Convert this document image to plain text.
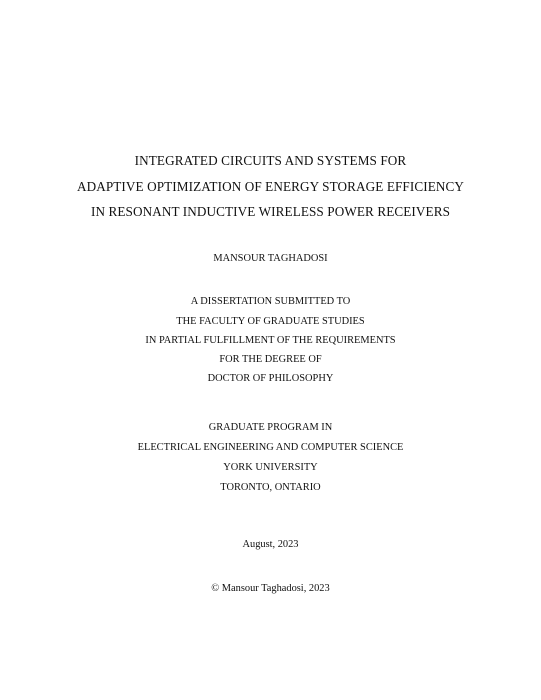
INTEGRATED CIRCUITS AND SYSTEMS FOR
ADAPTIVE OPTIMIZATION OF ENERGY STORAGE EFFICIENCY
IN RESONANT INDUCTIVE WIRELESS POWER RECEIVERS
MANSOUR TAGHADOSI
A DISSERTATION SUBMITTED TO
THE FACULTY OF GRADUATE STUDIES
IN PARTIAL FULFILLMENT OF THE REQUIREMENTS
FOR THE DEGREE OF
DOCTOR OF PHILOSOPHY
GRADUATE PROGRAM IN
ELECTRICAL ENGINEERING AND COMPUTER SCIENCE
YORK UNIVERSITY
TORONTO, ONTARIO
August, 2023
© Mansour Taghadosi, 2023
